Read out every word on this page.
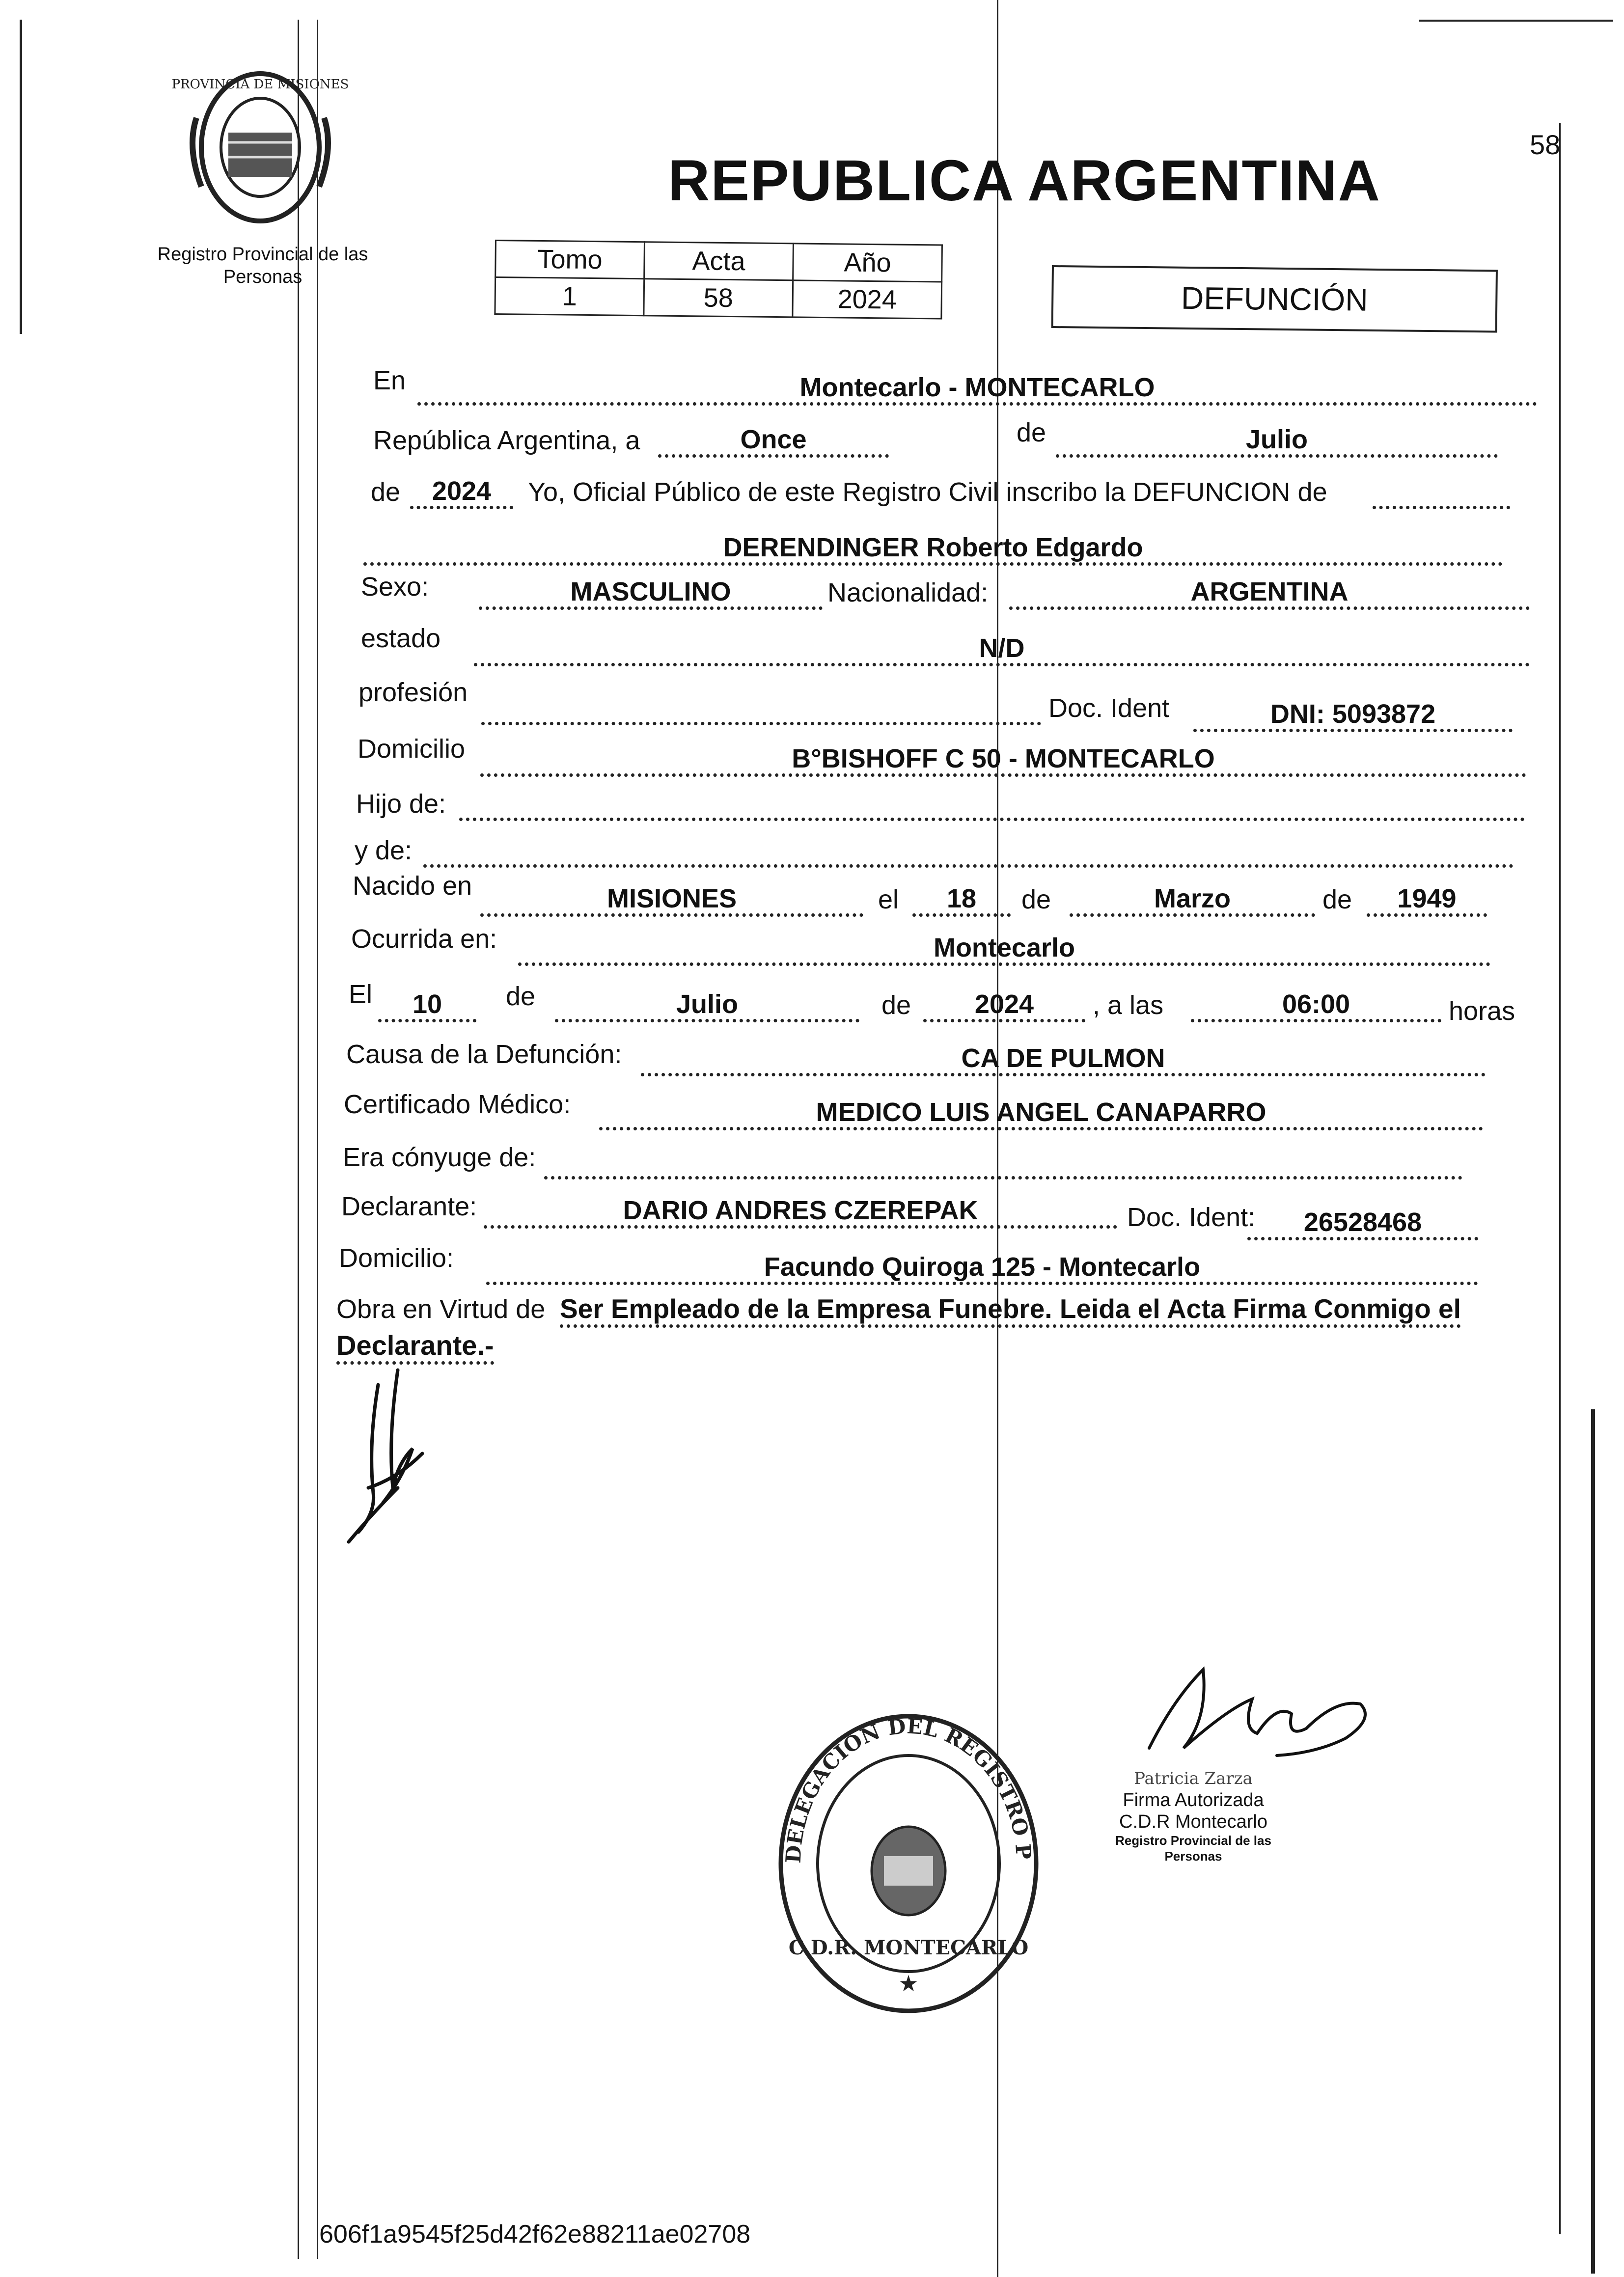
PROVINCIA DE MISIONES
Registro Provincial de las Personas
REPUBLICA ARGENTINA
58
Tomo	Acta	Año
1	58	2024	DEFUNCIÓN
En	Montecarlo - MONTECARLO
República Argentina, a	Once	de	Julio
de	2024	Yo, Oficial Público de este Registro Civil inscribo la DEFUNCION de
DERENDINGER Roberto Edgardo
Sexo:	MASCULINO	Nacionalidad:	ARGENTINA
estado	N/D
profesión
Doc. Ident	DNI: 5093872
Domicilio	B°BISHOFF C 50 - MONTECARLO
Hijo de:
y de:
Nacido en	MISIONES	el	18	de	Marzo	de	1949
Ocurrida en:	Montecarlo
El	10	de	Julio	de	2024	, a las	06:00	horas
Causa de la Defunción:	CA DE PULMON
Certificado Médico:	MEDICO LUIS ANGEL CANAPARRO
Era cónyuge de:
Declarante:	DARIO ANDRES CZEREPAK	Doc. Ident:	26528468
Domicilio:	Facundo Quiroga 125 - Montecarlo
Obra en Virtud de Ser Empleado de la Empresa Funebre. Leida el Acta Firma Conmigo el
Declarante.-
DELEGACION DEL REGISTRO P
C.D.R. MONTECARLO
★
Patricia Zarza
Firma Autorizada
C.D.R Montecarlo
Registro Provincial de las Personas
606f1a9545f25d42f62e88211ae02708
